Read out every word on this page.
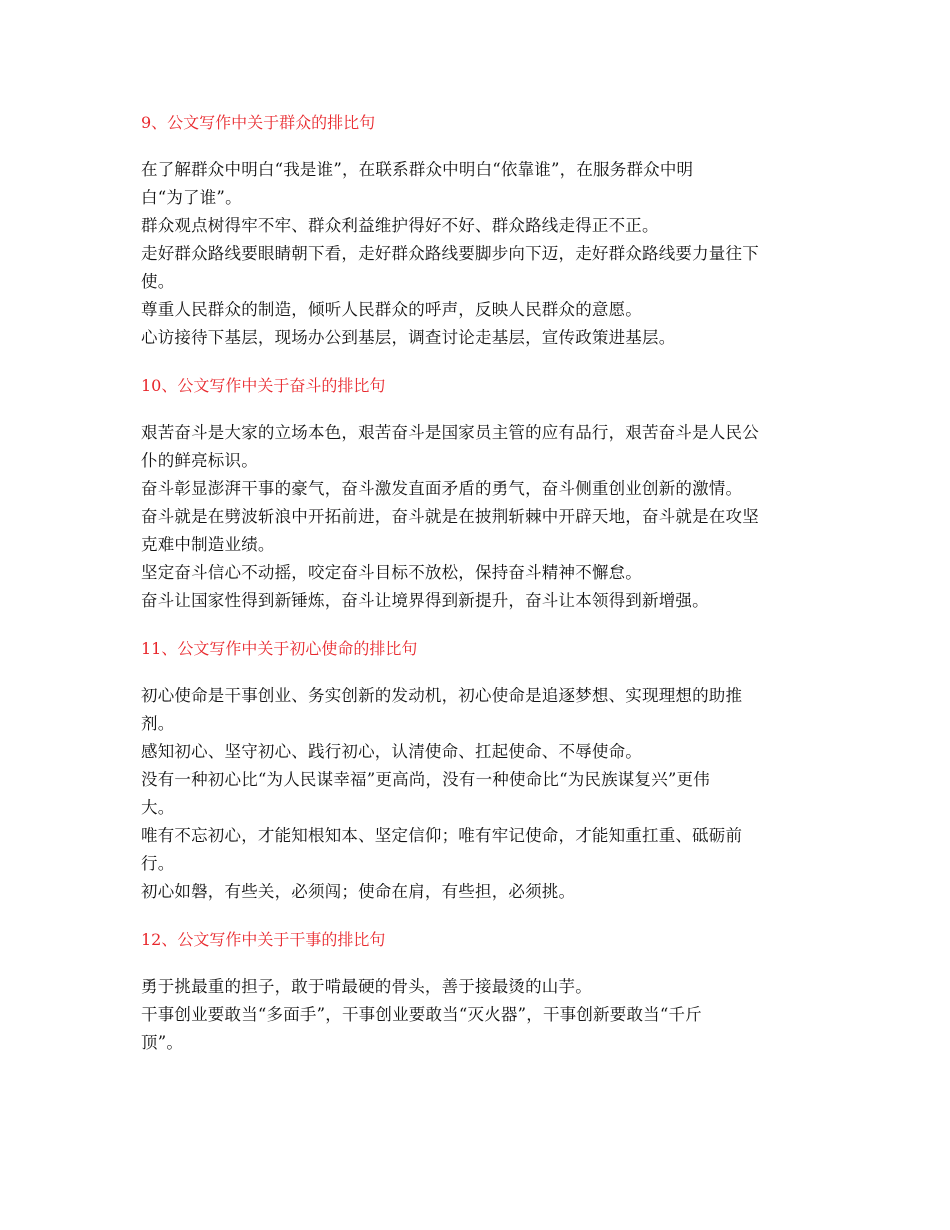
9、公文写作中关于群众的排比句

在了解群众中明白“我是谁”，在联系群众中明白“依靠谁”，在服务群众中明

白“为了谁”。

群众观点树得牢不牢、群众利益维护得好不好、群众路线走得正不正。

走好群众路线要眼睛朝下看，走好群众路线要脚步向下迈，走好群众路线要力量往下

使。

尊重人民群众的制造，倾听人民群众的呼声，反映人民群众的意愿。

心访接待下基层，现场办公到基层，调查讨论走基层，宣传政策进基层。

10、公文写作中关于奋斗的排比句

艰苦奋斗是大家的立场本色，艰苦奋斗是国家员主管的应有品行，艰苦奋斗是人民公

仆的鲜亮标识。

奋斗彰显澎湃干事的豪气，奋斗激发直面矛盾的勇气，奋斗侧重创业创新的激情。

奋斗就是在劈波斩浪中开拓前进，奋斗就是在披荆斩棘中开辟天地，奋斗就是在攻坚

克难中制造业绩。

坚定奋斗信心不动摇，咬定奋斗目标不放松，保持奋斗精神不懈怠。

奋斗让国家性得到新锤炼，奋斗让境界得到新提升，奋斗让本领得到新增强。

11、公文写作中关于初心使命的排比句

初心使命是干事创业、务实创新的发动机，初心使命是追逐梦想、实现理想的助推

剂。

感知初心、坚守初心、践行初心，认清使命、扛起使命、不辱使命。

没有一种初心比“为人民谋幸福”更高尚，没有一种使命比“为民族谋复兴”更伟

大。

唯有不忘初心，才能知根知本、坚定信仰；唯有牢记使命，才能知重扛重、砥砺前

行。

初心如磐，有些关，必须闯；使命在肩，有些担，必须挑。

12、公文写作中关于干事的排比句

勇于挑最重的担子，敢于啃最硬的骨头，善于接最烫的山芋。

干事创业要敢当“多面手”，干事创业要敢当“灭火器”，干事创新要敢当“千斤

顶”。
